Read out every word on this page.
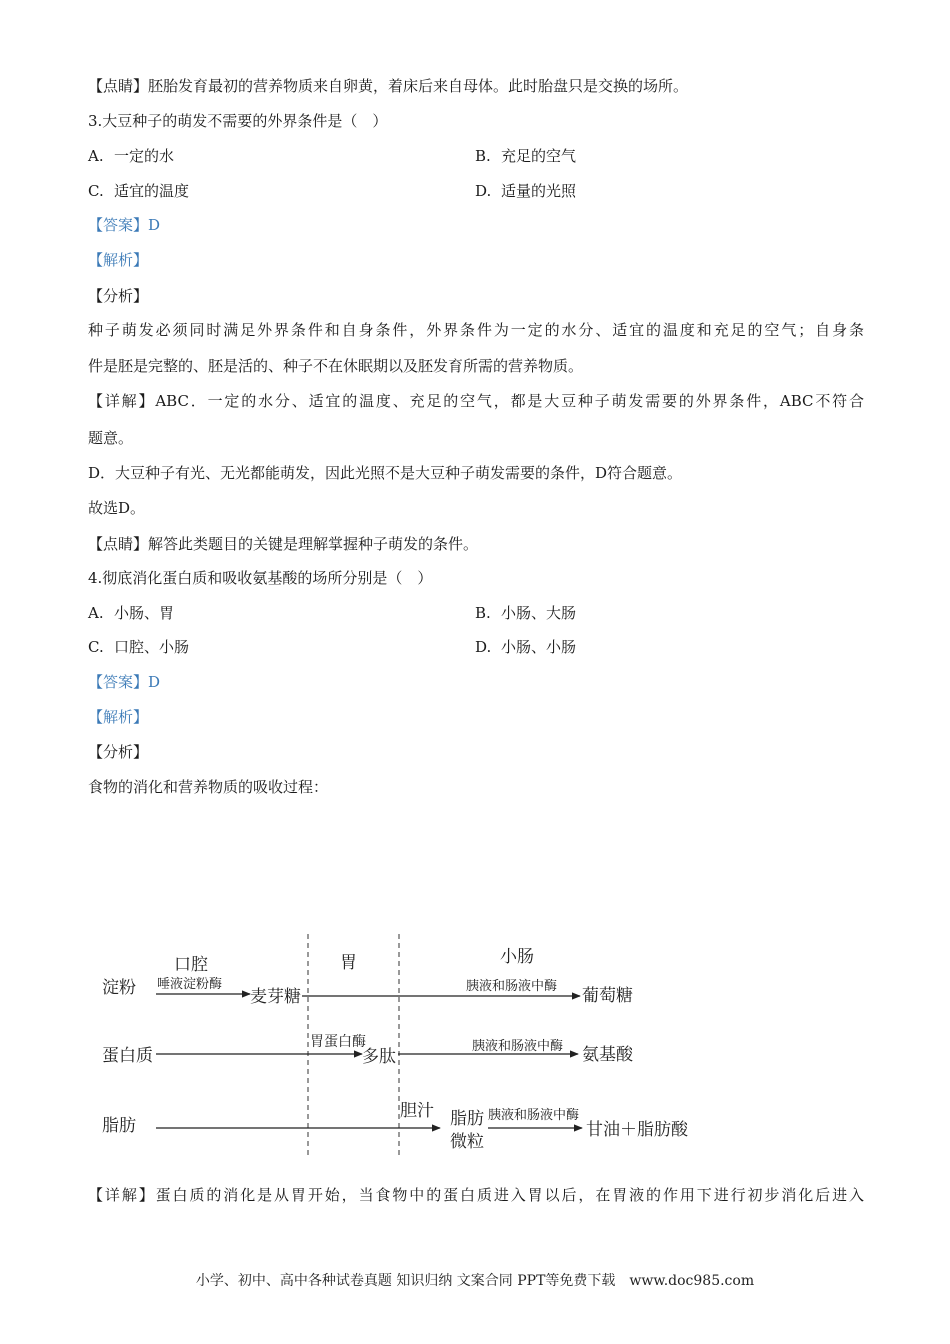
【点睛】胚胎发育最初的营养物质来自卵黄，着床后来自母体。此时胎盘只是交换的场所。
3.大豆种子的萌发不需要的外界条件是（　）
A. 一定的水	B. 充足的空气
C. 适宜的温度	D. 适量的光照
【答案】D
【解析】
【分析】
种子萌发必须同时满足外界条件和自身条件，外界条件为一定的水分、适宜的温度和充足的空气；自身条
件是胚是完整的、胚是活的、种子不在休眠期以及胚发育所需的营养物质。
【详解】ABC．一定的水分、适宜的温度、充足的空气，都是大豆种子萌发需要的外界条件，ABC不符合
题意。
D．大豆种子有光、无光都能萌发，因此光照不是大豆种子萌发需要的条件，D符合题意。
故选D。
【点睛】解答此类题目的关键是理解掌握种子萌发的条件。
4.彻底消化蛋白质和吸收氨基酸的场所分别是（　）
A. 小肠、胃	B. 小肠、大肠
C. 口腔、小肠	D. 小肠、小肠
【答案】D
【解析】
【分析】
食物的消化和营养物质的吸收过程：
口腔	胃	小肠
淀粉 唾液淀粉酶
麦芽糖
胰液和肠液中酶 葡萄糖
蛋白质
胃蛋白酶
多肽
胰液和肠液中酶 氨基酸
脂肪
胆汁 脂肪
微粒
胰液和肠液中酶
甘油＋脂肪酸
【详解】蛋白质的消化是从胃开始，当食物中的蛋白质进入胃以后，在胃液的作用下进行初步消化后进入
小学、初中、高中各种试卷真题 知识归纳 文案合同 PPT等免费下载　www.doc985.com
